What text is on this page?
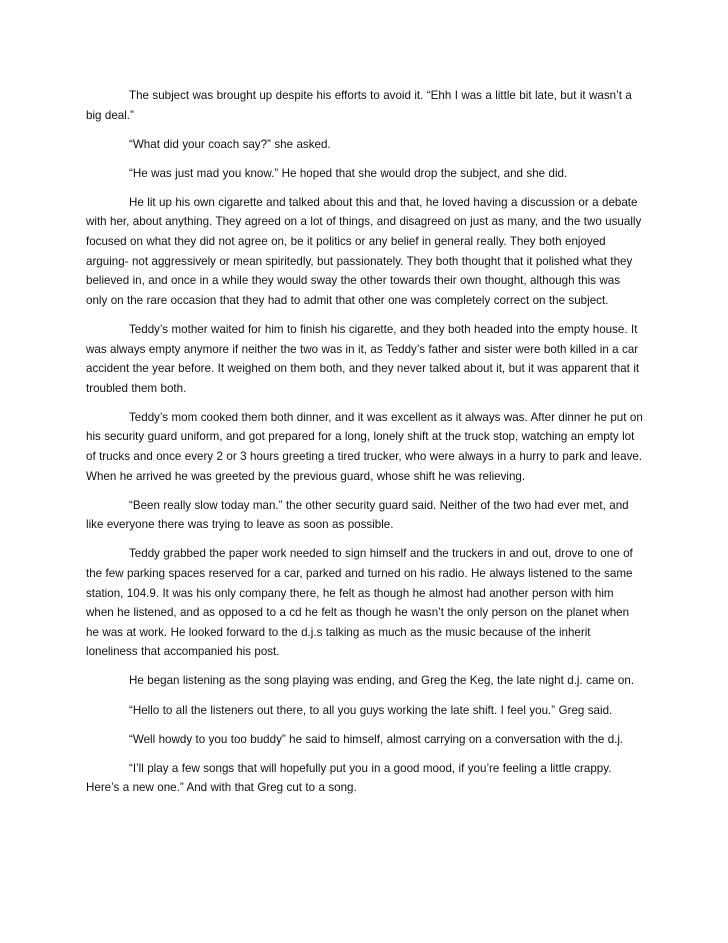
The subject was brought up despite his efforts to avoid it. “Ehh I was a little bit late, but it wasn’t a big deal.”

“What did your coach say?” she asked.

“He was just mad you know.” He hoped that she would drop the subject, and she did.

He lit up his own cigarette and talked about this and that, he loved having a discussion or a debate with her, about anything. They agreed on a lot of things, and disagreed on just as many, and the two usually focused on what they did not agree on, be it politics or any belief in general really. They both enjoyed arguing- not aggressively or mean spiritedly, but passionately. They both thought that it polished what they believed in, and once in a while they would sway the other towards their own thought, although this was only on the rare occasion that they had to admit that other one was completely correct on the subject.

Teddy’s mother waited for him to finish his cigarette, and they both headed into the empty house. It was always empty anymore if neither the two was in it, as Teddy’s father and sister were both killed in a car accident the year before. It weighed on them both, and they never talked about it, but it was apparent that it troubled them both.

Teddy’s mom cooked them both dinner, and it was excellent as it always was. After dinner he put on his security guard uniform, and got prepared for a long, lonely shift at the truck stop, watching an empty lot of trucks and once every 2 or 3 hours greeting a tired trucker, who were always in a hurry to park and leave. When he arrived he was greeted by the previous guard, whose shift he was relieving.

“Been really slow today man.” the other security guard said. Neither of the two had ever met, and like everyone there was trying to leave as soon as possible.

Teddy grabbed the paper work needed to sign himself and the truckers in and out, drove to one of the few parking spaces reserved for a car, parked and turned on his radio. He always listened to the same station, 104.9. It was his only company there, he felt as though he almost had another person with him when he listened, and as opposed to a cd he felt as though he wasn’t the only person on the planet when he was at work. He looked forward to the d.j.s talking as much as the music because of the inherit loneliness that accompanied his post.

He began listening as the song playing was ending, and Greg the Keg, the late night d.j. came on.

“Hello to all the listeners out there, to all you guys working the late shift. I feel you.” Greg said.

“Well howdy to you too buddy” he said to himself, almost carrying on a conversation with the d.j.

“I’ll play a few songs that will hopefully put you in a good mood, if you’re feeling a little crappy. Here’s a new one.” And with that Greg cut to a song.
